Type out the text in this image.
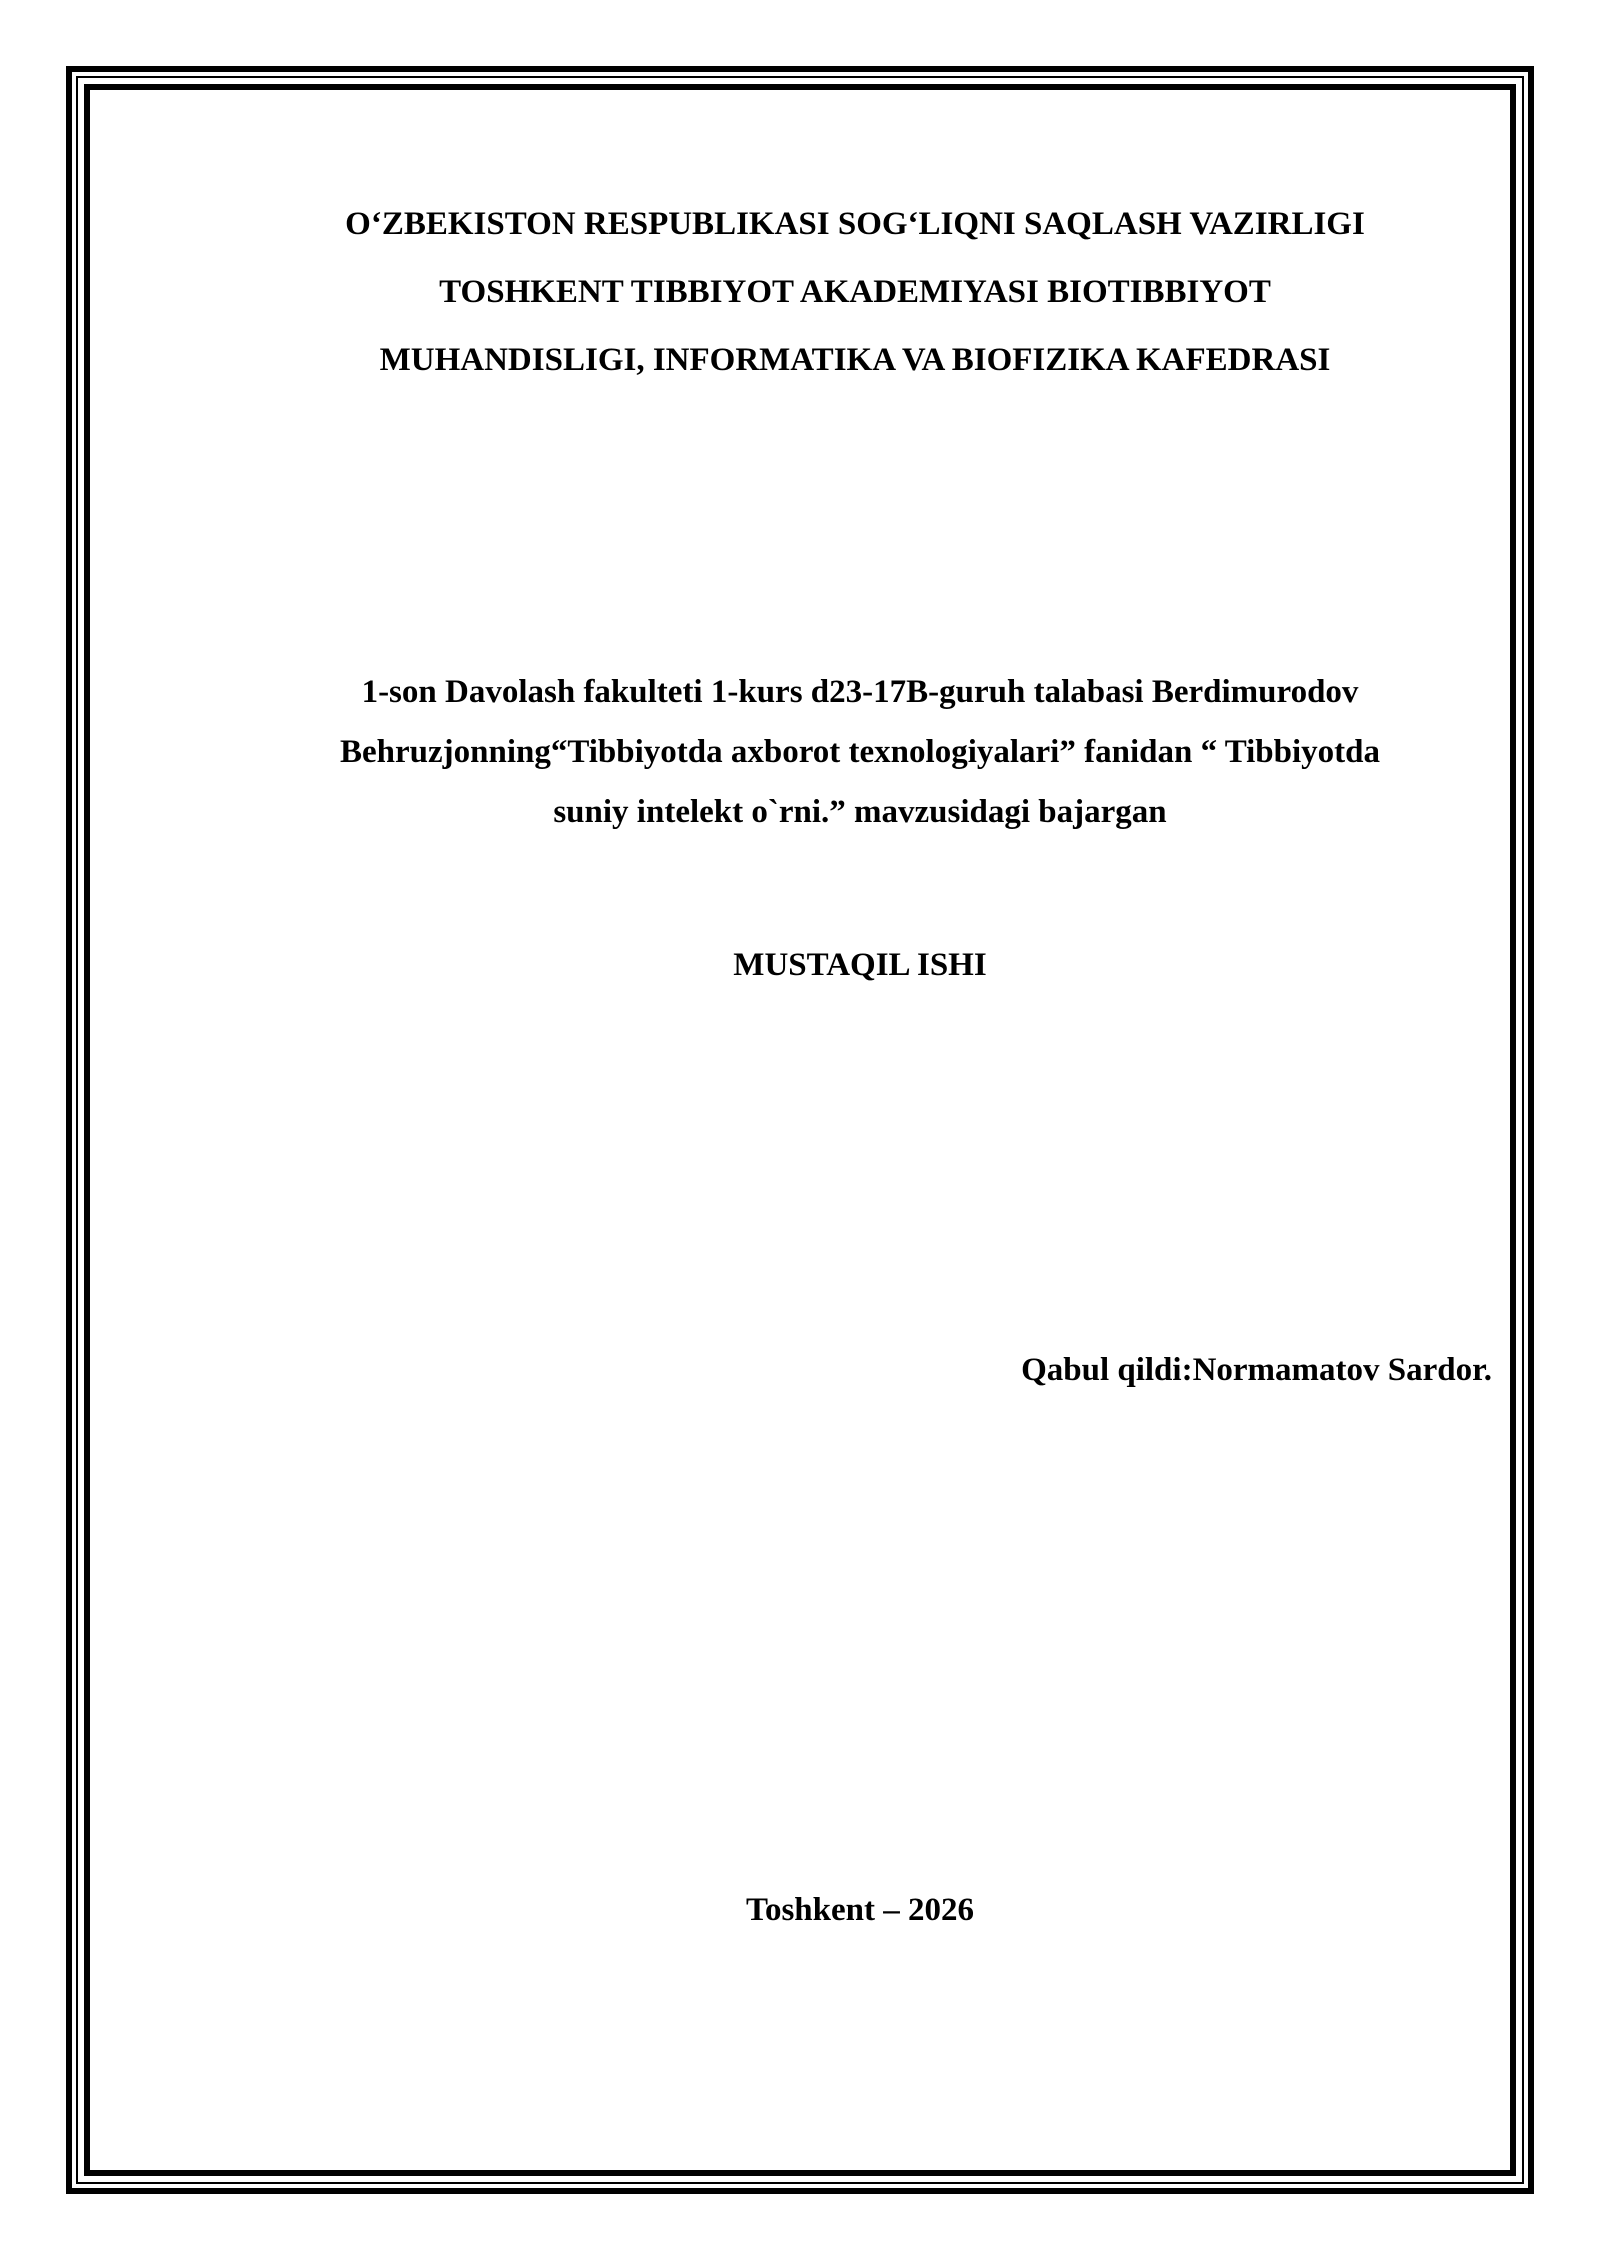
O‘ZBEKISTON RESPUBLIKASI SOG‘LIQNI SAQLASH VAZIRLIGI
TOSHKENT TIBBIYOT AKADEMIYASI BIOTIBBIYOT
MUHANDISLIGI, INFORMATIKA VA BIOFIZIKA KAFEDRASI
1-son Davolash fakulteti 1-kurs d23-17B-guruh talabasi Berdimurodov
Behruzjonning“Tibbiyotda axborot texnologiyalari” fanidan “ Tibbiyotda
suniy intelekt o`rni.” mavzusidagi bajargan
MUSTAQIL ISHI
Qabul qildi:Normamatov Sardor.
Toshkent – 2026
